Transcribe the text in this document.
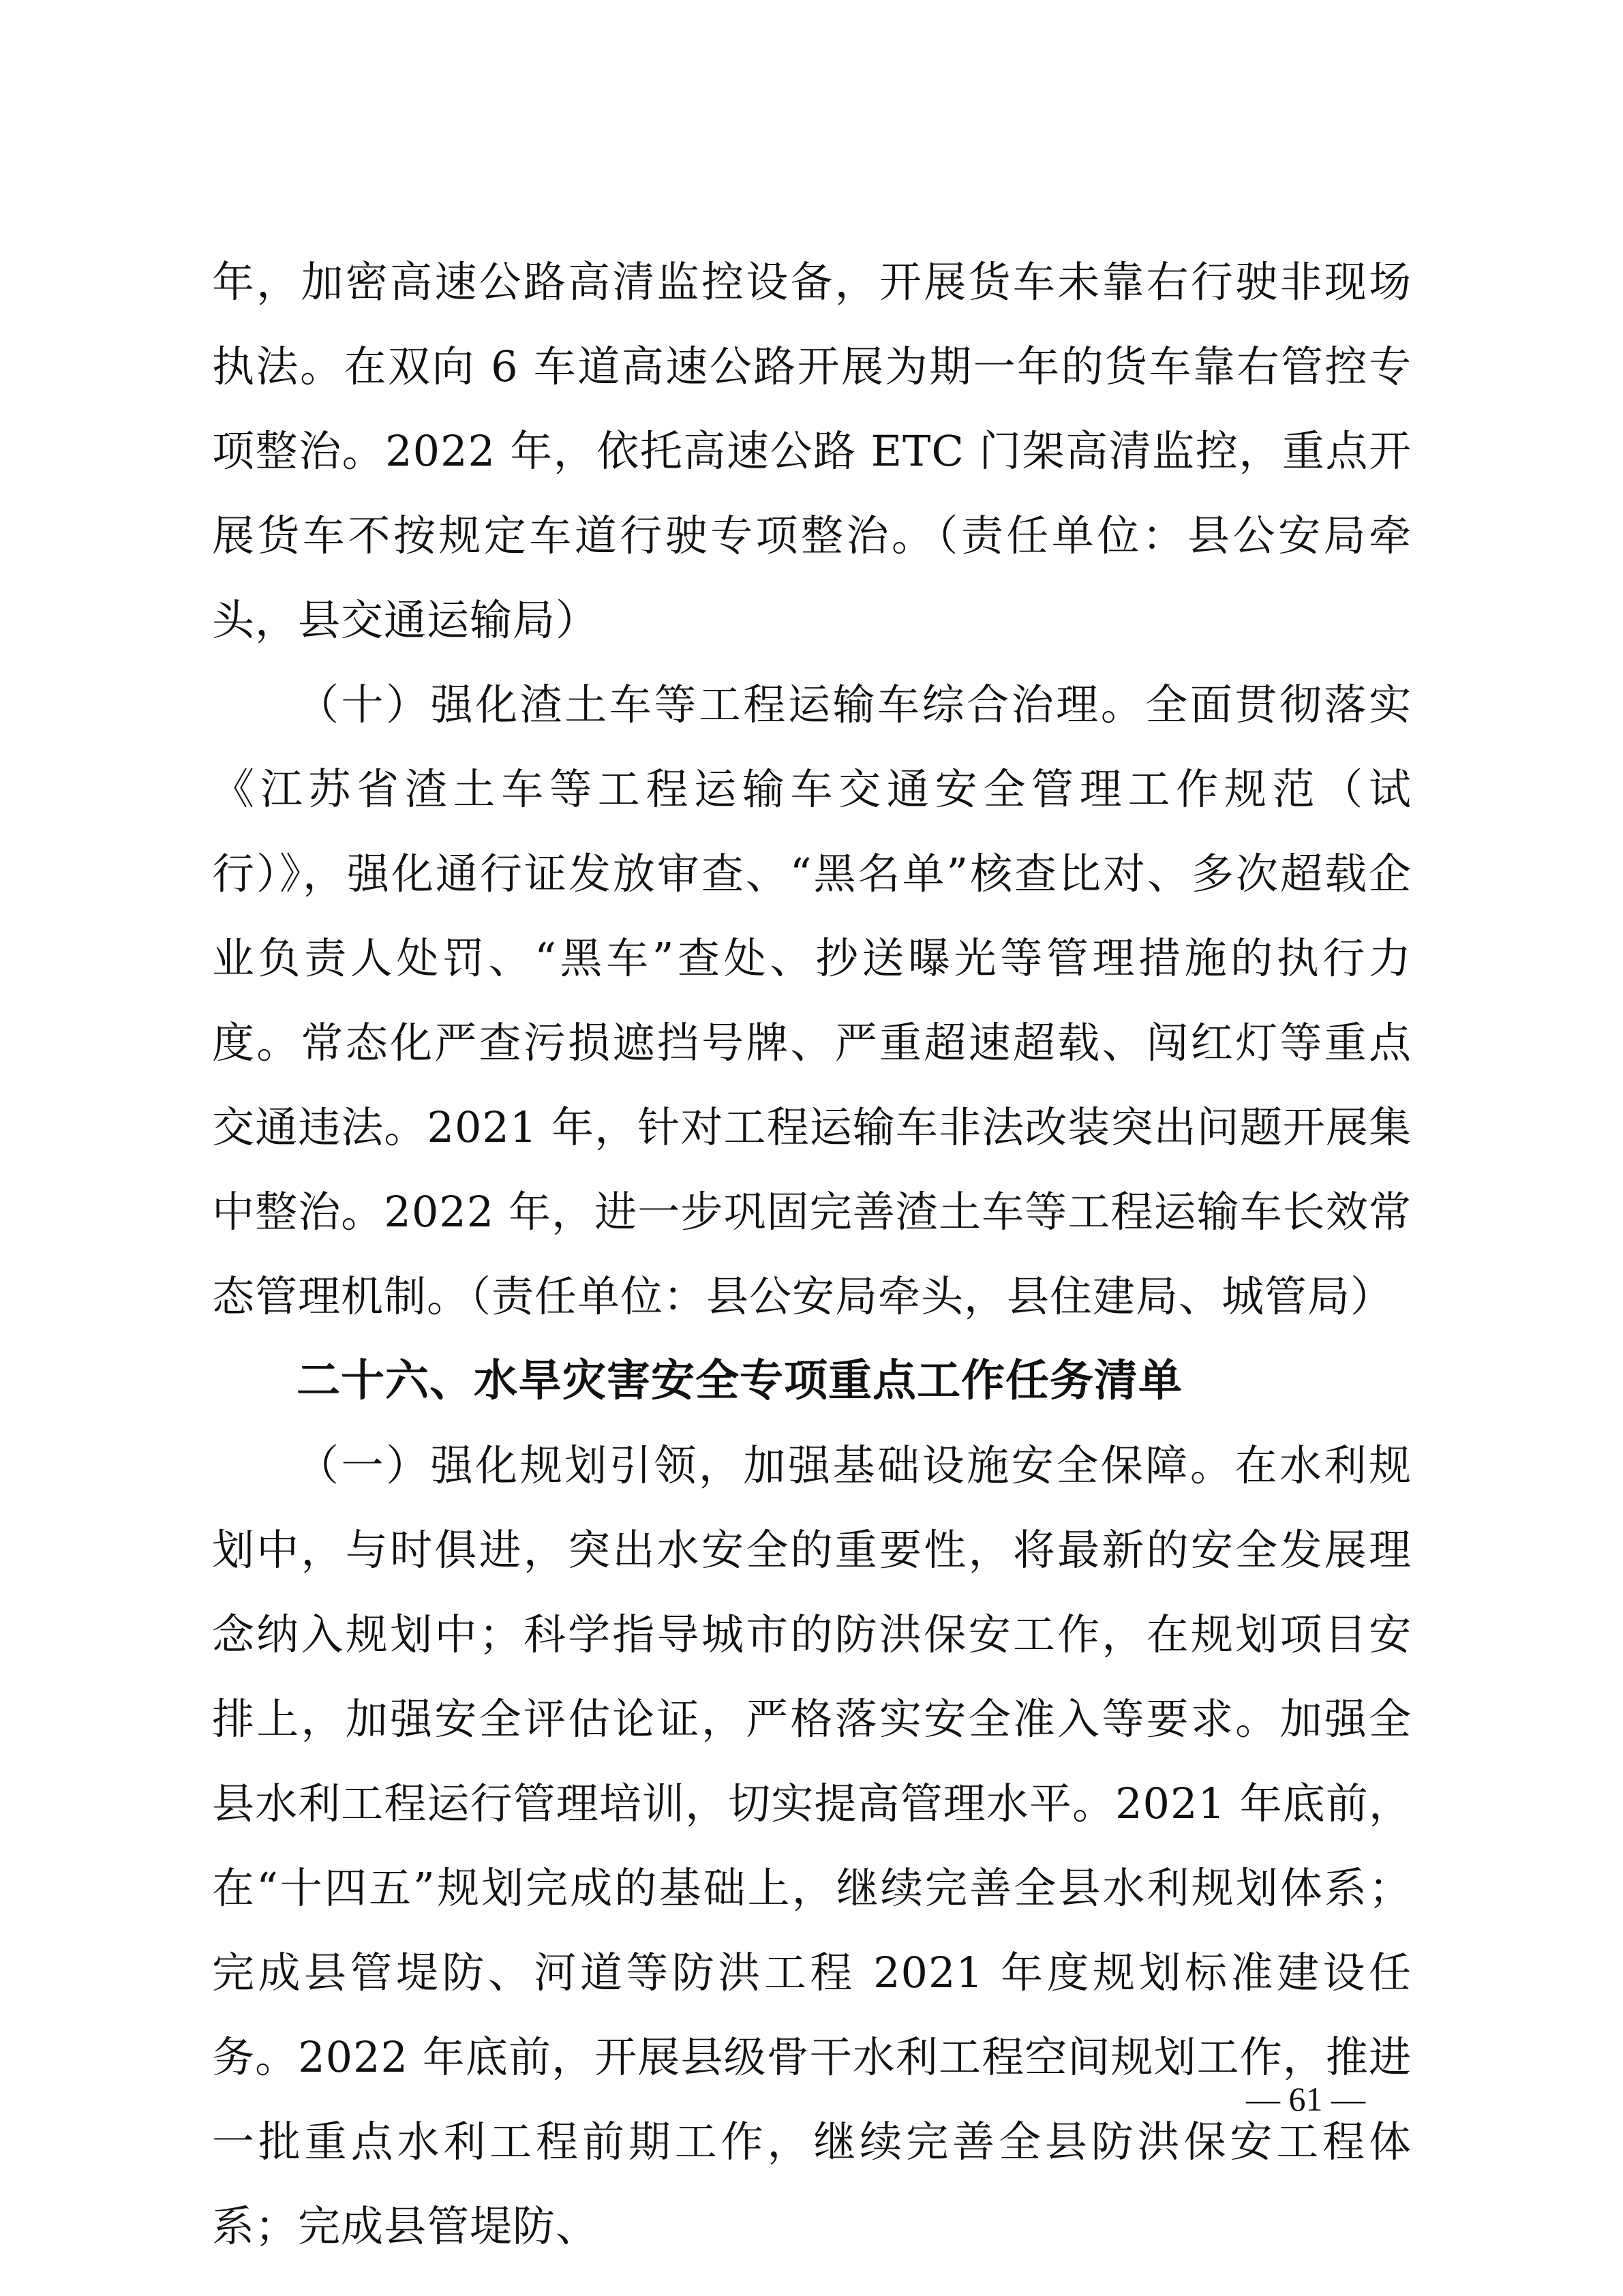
年，加密高速公路高清监控设备，开展货车未靠右行驶非现场执法。在双向 6 车道高速公路开展为期一年的货车靠右管控专项整治。2022 年，依托高速公路 ETC 门架高清监控，重点开展货车不按规定车道行驶专项整治。（责任单位：县公安局牵头，县交通运输局）

（十）强化渣土车等工程运输车综合治理。全面贯彻落实《江苏省渣土车等工程运输车交通安全管理工作规范（试行）》，强化通行证发放审查、“黑名单”核查比对、多次超载企业负责人处罚、“黑车”查处、抄送曝光等管理措施的执行力度。常态化严查污损遮挡号牌、严重超速超载、闯红灯等重点交通违法。2021 年，针对工程运输车非法改装突出问题开展集中整治。2022 年，进一步巩固完善渣土车等工程运输车长效常态管理机制。（责任单位：县公安局牵头，县住建局、城管局）

二十六、水旱灾害安全专项重点工作任务清单

（一）强化规划引领，加强基础设施安全保障。在水利规划中，与时俱进，突出水安全的重要性，将最新的安全发展理念纳入规划中；科学指导城市的防洪保安工作，在规划项目安排上，加强安全评估论证，严格落实安全准入等要求。加强全县水利工程运行管理培训，切实提高管理水平。2021 年底前，在“十四五”规划完成的基础上，继续完善全县水利规划体系；完成县管堤防、河道等防洪工程 2021 年度规划标准建设任务。2022 年底前，开展县级骨干水利工程空间规划工作，推进一批重点水利工程前期工作，继续完善全县防洪保安工程体系；完成县管堤防、

— 61 —
